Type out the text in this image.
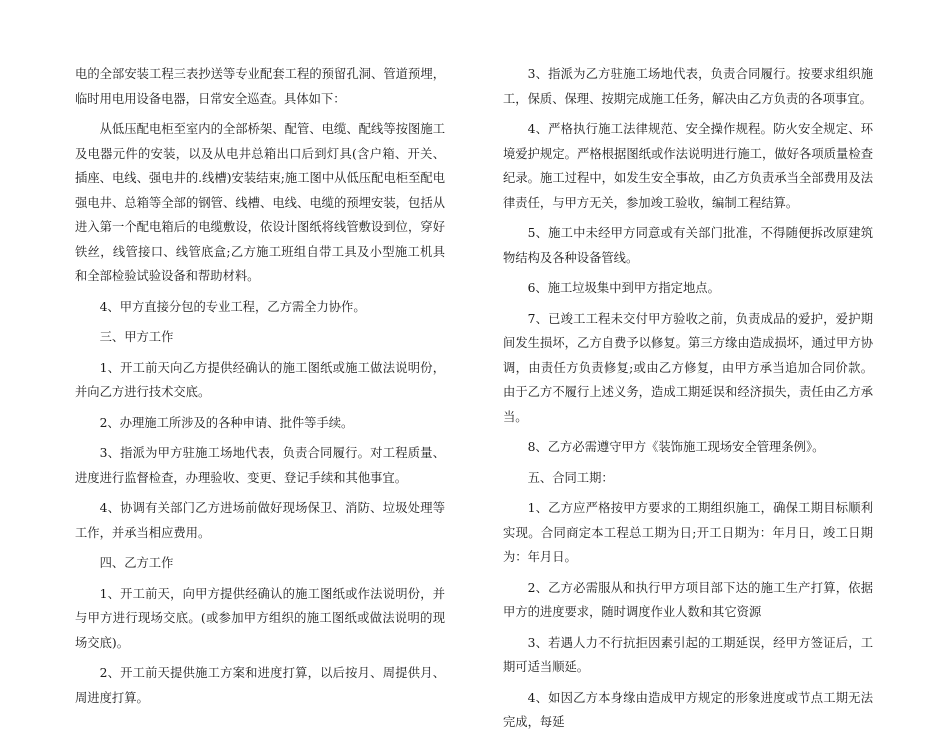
电的全部安装工程三表抄送等专业配套工程的预留孔洞、管道预埋，临时用电用设备电器，日常安全巡查。具体如下：

从低压配电柜至室内的全部桥架、配管、电缆、配线等按图施工及电器元件的安装，以及从电井总箱出口后到灯具(含户箱、开关、插座、电线、强电井的.线槽)安装结束;施工图中从低压配电柜至配电强电井、总箱等全部的钢管、线槽、电线、电缆的预埋安装，包括从进入第一个配电箱后的电缆敷设，依设计图纸将线管敷设到位，穿好铁丝，线管接口、线管底盒;乙方施工班组自带工具及小型施工机具和全部检验试验设备和帮助材料。

4、甲方直接分包的专业工程，乙方需全力协作。

三、甲方工作

1、开工前天向乙方提供经确认的施工图纸或施工做法说明份，并向乙方进行技术交底。

2、办理施工所涉及的各种申请、批件等手续。

3、指派为甲方驻施工场地代表，负责合同履行。对工程质量、进度进行监督检查，办理验收、变更、登记手续和其他事宜。

4、协调有关部门乙方进场前做好现场保卫、消防、垃圾处理等工作，并承当相应费用。

四、乙方工作

1、开工前天，向甲方提供经确认的施工图纸或作法说明份，并与甲方进行现场交底。(或参加甲方组织的施工图纸或做法说明的现场交底)。

2、开工前天提供施工方案和进度打算，以后按月、周提供月、周进度打算。

3、指派为乙方驻施工场地代表，负责合同履行。按要求组织施工，保质、保理、按期完成施工任务，解决由乙方负责的各项事宜。

4、严格执行施工法律规范、安全操作规程。防火安全规定、环境爱护规定。严格根据图纸或作法说明进行施工，做好各项质量检查纪录。施工过程中，如发生安全事故，由乙方负责承当全部费用及法律责任，与甲方无关，参加竣工验收，编制工程结算。

5、施工中未经甲方同意或有关部门批准，不得随便拆改原建筑物结构及各种设备管线。

6、施工垃圾集中到甲方指定地点。

7、已竣工工程未交付甲方验收之前，负责成品的爱护，爱护期间发生损坏，乙方自费予以修复。第三方缘由造成损坏，通过甲方协调，由责任方负责修复;或由乙方修复，由甲方承当追加合同价款。由于乙方不履行上述义务，造成工期延误和经济损失，责任由乙方承当。

8、乙方必需遵守甲方《装饰施工现场安全管理条例》。

五、合同工期：

1、乙方应严格按甲方要求的工期组织施工，确保工期目标顺利实现。合同商定本工程总工期为日;开工日期为：年月日，竣工日期为：年月日。

2、乙方必需服从和执行甲方项目部下达的施工生产打算，依据甲方的进度要求，随时调度作业人数和其它资源

3、若遇人力不行抗拒因素引起的工期延误，经甲方签证后，工期可适当顺延。

4、如因乙方本身缘由造成甲方规定的形象进度或节点工期无法完成，每延
